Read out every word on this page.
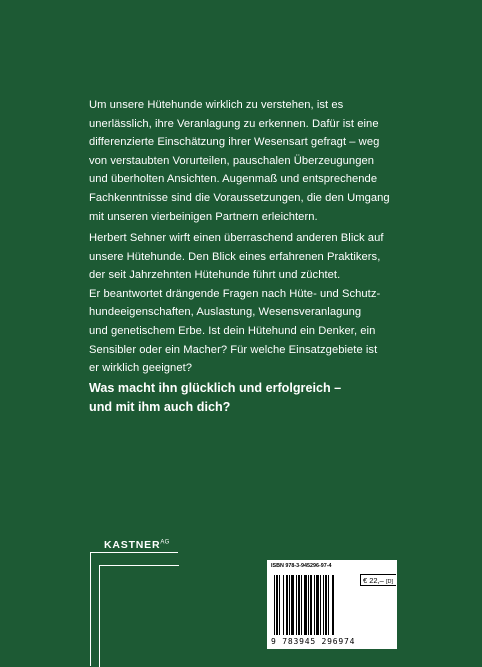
Um unsere Hütehunde wirklich zu verstehen, ist es
unerlässlich, ihre Veranlagung zu erkennen. Dafür ist eine
differenzierte Einschätzung ihrer Wesensart gefragt – weg
von verstaubten Vorurteilen, pauschalen Überzeugungen
und überholten Ansichten. Augenmaß und entsprechende
Fachkenntnisse sind die Voraussetzungen, die den Umgang
mit unseren vierbeinigen Partnern erleichtern.

Herbert Sehner wirft einen überraschend anderen Blick auf
unsere Hütehunde. Den Blick eines erfahrenen Praktikers,
der seit Jahrzehnten Hütehunde führt und züchtet.
Er beantwortet drängende Fragen nach Hüte- und Schutz-
hundeeigenschaften, Auslastung, Wesensveranlagung
und genetischem Erbe. Ist dein Hütehund ein Denker, ein
Sensibler oder ein Macher? Für welche Einsatzgebiete ist
er wirklich geeignet?

Was macht ihn glücklich und erfolgreich –
und mit ihm auch dich?

$KASTNER^{AG}$
ISBN 978-3-945296-97-4
9 783945 296974
€ 22,– [D]
